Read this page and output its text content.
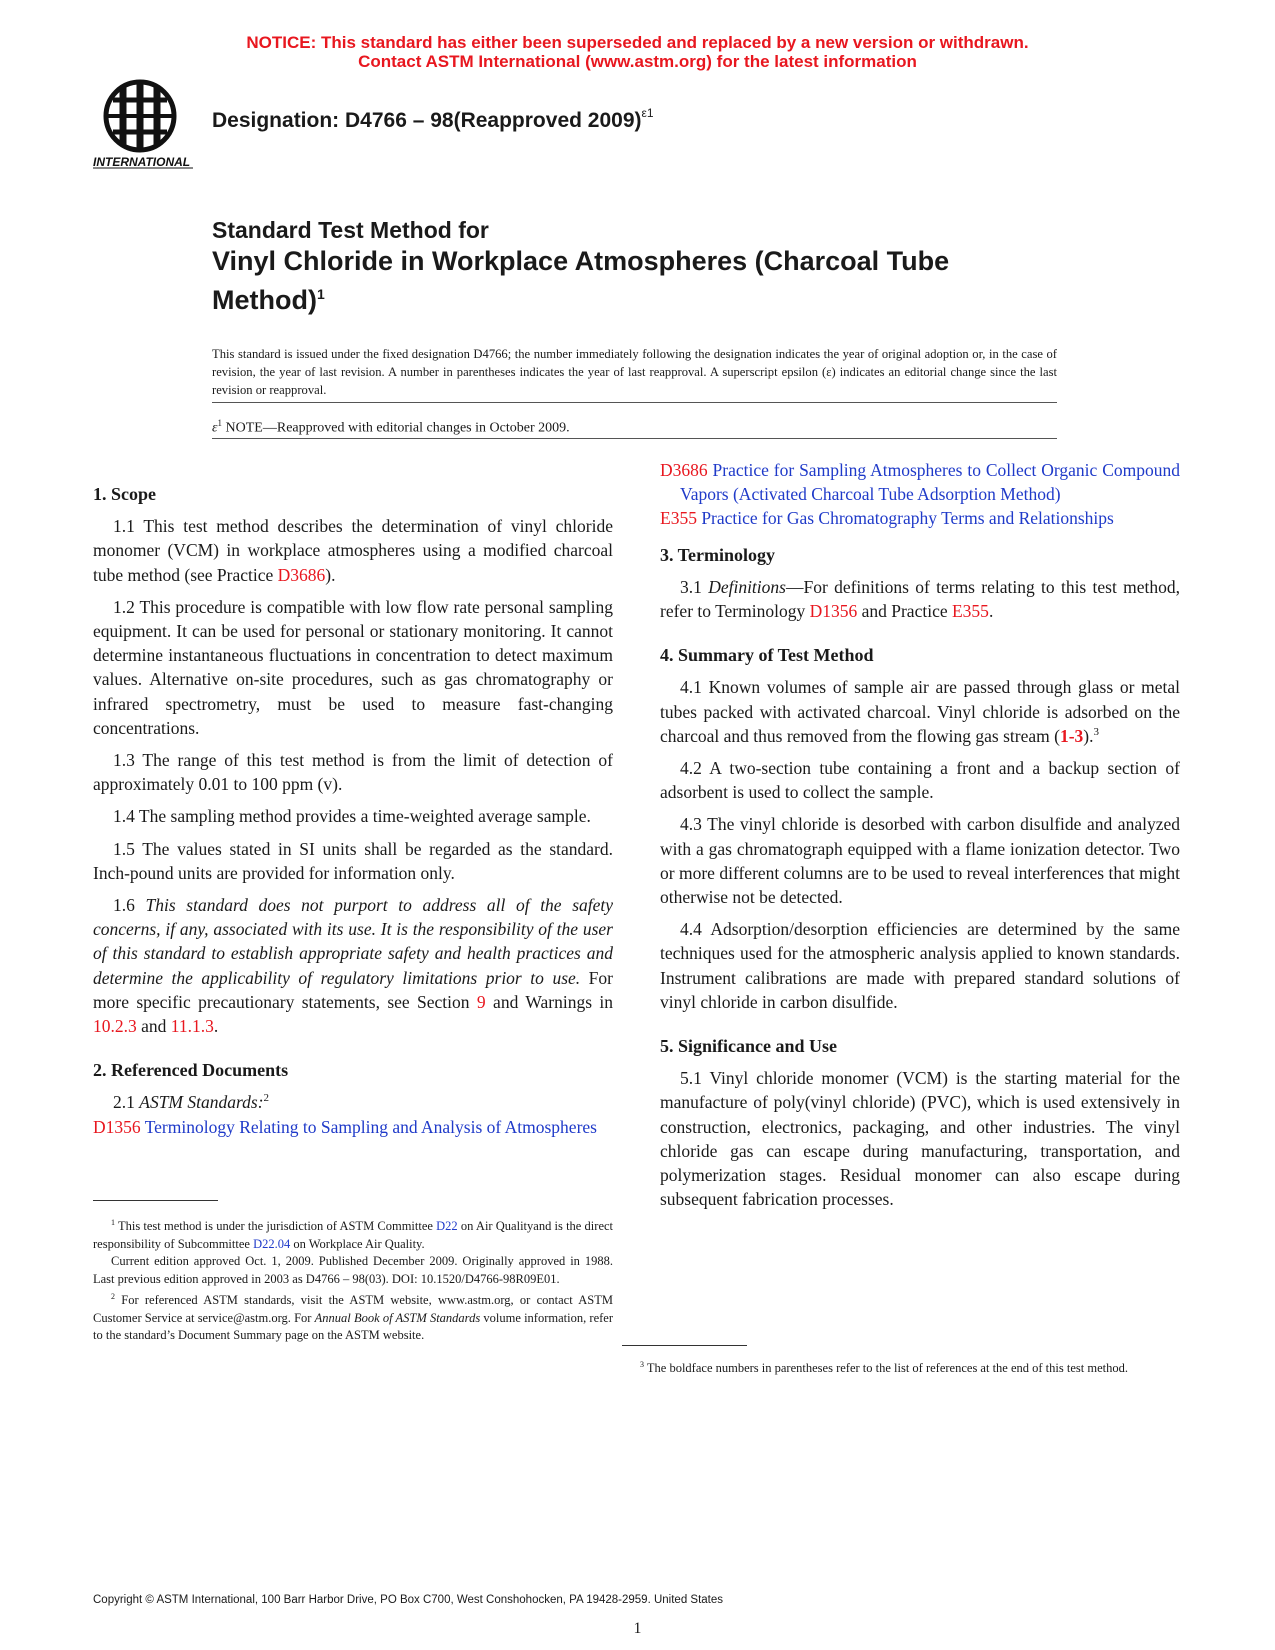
NOTICE: This standard has either been superseded and replaced by a new version or withdrawn.
Contact ASTM International (www.astm.org) for the latest information
INTERNATIONAL
Designation: D4766 – 98(Reapproved 2009)$^{\varepsilon 1}$
Standard Test Method for
Vinyl Chloride in Workplace Atmospheres (Charcoal Tube Method)$^1$
This standard is issued under the fixed designation D4766; the number immediately following the designation indicates the year of original adoption or, in the case of revision, the year of last revision. A number in parentheses indicates the year of last reapproval. A superscript epsilon (ε) indicates an editorial change since the last revision or reapproval.
$\varepsilon^1$ NOTE—Reapproved with editorial changes in October 2009.
1. Scope

1.1 This test method describes the determination of vinyl chloride monomer (VCM) in workplace atmospheres using a modified charcoal tube method (see Practice D3686).

1.2 This procedure is compatible with low flow rate personal sampling equipment. It can be used for personal or stationary monitoring. It cannot determine instantaneous fluctuations in concentration to detect maximum values. Alternative on-site procedures, such as gas chromatography or infrared spectrometry, must be used to measure fast-changing concentrations.

1.3 The range of this test method is from the limit of detection of approximately 0.01 to 100 ppm (v).

1.4 The sampling method provides a time-weighted average sample.

1.5 The values stated in SI units shall be regarded as the standard. Inch-pound units are provided for information only.

1.6 This standard does not purport to address all of the safety concerns, if any, associated with its use. It is the responsibility of the user of this standard to establish appropriate safety and health practices and determine the applicability of regulatory limitations prior to use. For more specific precautionary statements, see Section 9 and Warnings in 10.2.3 and 11.1.3.

2. Referenced Documents

2.1 ASTM Standards:$^2$

D1356 Terminology Relating to Sampling and Analysis of Atmospheres

$^1$ This test method is under the jurisdiction of ASTM Committee D22 on Air Qualityand is the direct responsibility of Subcommittee D22.04 on Workplace Air Quality.

Current edition approved Oct. 1, 2009. Published December 2009. Originally approved in 1988. Last previous edition approved in 2003 as D4766 – 98(03). DOI: 10.1520/D4766-98R09E01.

$^2$ For referenced ASTM standards, visit the ASTM website, www.astm.org, or contact ASTM Customer Service at service@astm.org. For Annual Book of ASTM Standards volume information, refer to the standard’s Document Summary page on the ASTM website.

D3686 Practice for Sampling Atmospheres to Collect Organic Compound Vapors (Activated Charcoal Tube Adsorption Method)
E355 Practice for Gas Chromatography Terms and Relationships
3. Terminology

3.1 Definitions—For definitions of terms relating to this test method, refer to Terminology D1356 and Practice E355.

4. Summary of Test Method

4.1 Known volumes of sample air are passed through glass or metal tubes packed with activated charcoal. Vinyl chloride is adsorbed on the charcoal and thus removed from the flowing gas stream (1-3).$^3$

4.2 A two-section tube containing a front and a backup section of adsorbent is used to collect the sample.

4.3 The vinyl chloride is desorbed with carbon disulfide and analyzed with a gas chromatograph equipped with a flame ionization detector. Two or more different columns are to be used to reveal interferences that might otherwise not be detected.

4.4 Adsorption/desorption efficiencies are determined by the same techniques used for the atmospheric analysis applied to known standards. Instrument calibrations are made with prepared standard solutions of vinyl chloride in carbon disulfide.

5. Significance and Use

5.1 Vinyl chloride monomer (VCM) is the starting material for the manufacture of poly(vinyl chloride) (PVC), which is used extensively in construction, electronics, packaging, and other industries. The vinyl chloride gas can escape during manufacturing, transportation, and polymerization stages. Residual monomer can also escape during subsequent fabrication processes.

$^3$ The boldface numbers in parentheses refer to the list of references at the end of this test method.

Copyright © ASTM International, 100 Barr Harbor Drive, PO Box C700, West Conshohocken, PA 19428-2959. United States
1
